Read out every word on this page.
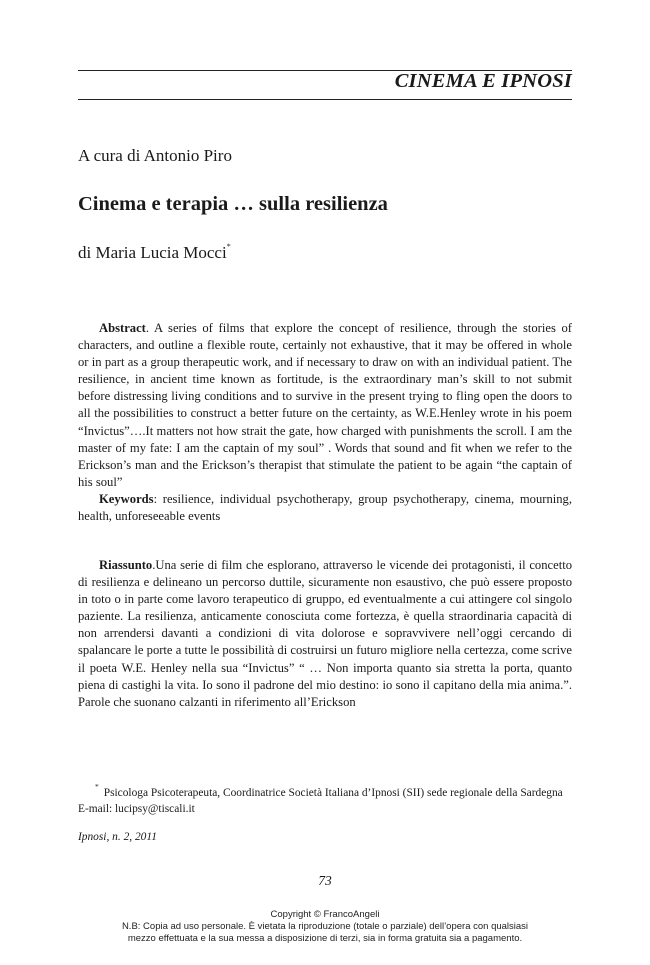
CINEMA E IPNOSI

A cura di Antonio Piro

Cinema e terapia … sulla resilienza

di Maria Lucia Mocci*

Abstract. A series of films that explore the concept of resilience, through the stories of characters, and outline a flexible route, certainly not exhaustive, that it may be offered in whole or in part as a group therapeutic work, and if necessary to draw on with an individual patient. The resilience, in ancient time known as fortitude, is the extraordinary man’s skill to not submit before distressing living conditions and to survive in the present trying to fling open the doors to all the possibilities to construct a better future on the certainty, as W.E.Henley wrote in his poem “Invictus”….It matters not how strait the gate, how charged with punishments the scroll. I am the master of my fate: I am the captain of my soul” . Words that sound and fit when we refer to the Erickson’s man and the Erickson’s therapist that stimulate the patient to be again “the captain of his soul”

Keywords: resilience, individual psychotherapy, group psychotherapy, cinema, mourning, health, unforeseeable events

Riassunto.Una serie di film che esplorano, attraverso le vicende dei protagonisti, il concetto di resilienza e delineano un percorso duttile, sicuramente non esaustivo, che può essere proposto in toto o in parte come lavoro terapeutico di gruppo, ed eventualmente a cui attingere col singolo paziente. La resilienza, anticamente conosciuta come fortezza, è quella straordinaria capacità di non arrendersi davanti a condizioni di vita dolorose e sopravvivere nell’oggi cercando di spalancare le porte a tutte le possibilità di costruirsi un futuro migliore nella certezza, come scrive il poeta W.E. Henley nella sua “Invictus” “ … Non importa quanto sia stretta la porta, quanto piena di castighi la vita. Io sono il padrone del mio destino: io sono il capitano della mia anima.”. Parole che suonano calzanti in riferimento all’Erickson

*Psicologa Psicoterapeuta, Coordinatrice Società Italiana d’Ipnosi (SII) sede regionale della Sardegna E-mail: lucipsy@tiscali.it

Ipnosi, n. 2, 2011

73

Copyright © FrancoAngeli
N.B: Copia ad uso personale. È vietata la riproduzione (totale o parziale) dell’opera con qualsiasi
mezzo effettuata e la sua messa a disposizione di terzi, sia in forma gratuita sia a pagamento.
